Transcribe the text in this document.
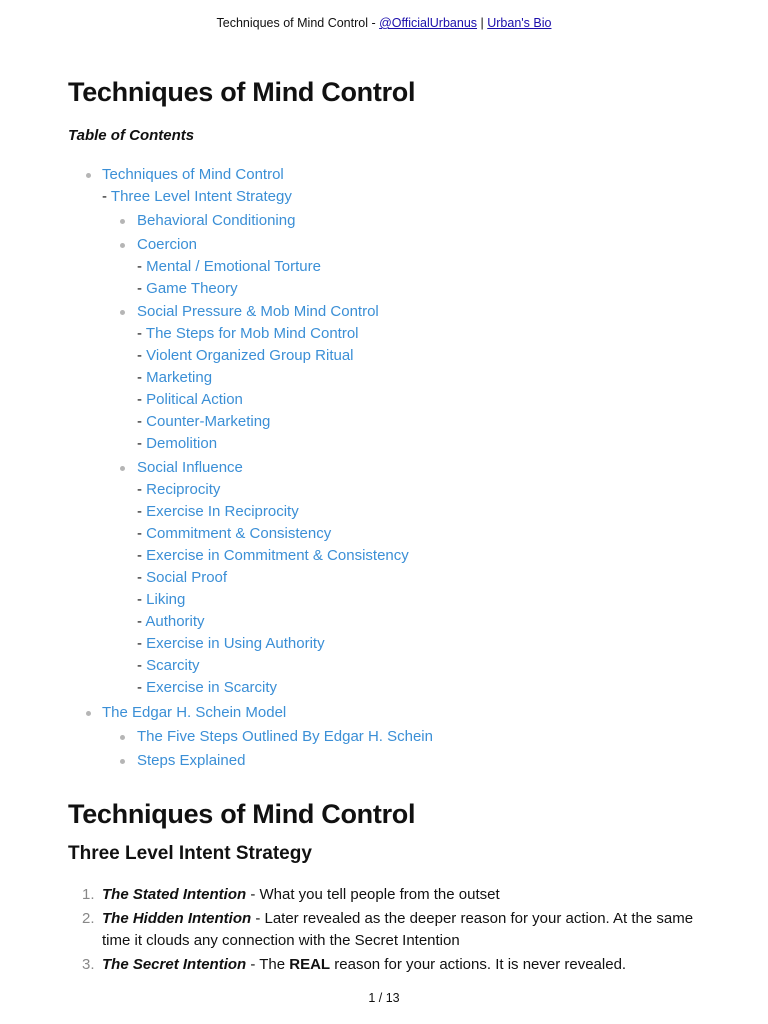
Techniques of Mind Control - @OfficialUrbanus | Urban's Bio
Techniques of Mind Control
Table of Contents
Techniques of Mind Control
- Three Level Intent Strategy
Behavioral Conditioning
Coercion
- Mental / Emotional Torture
- Game Theory
Social Pressure & Mob Mind Control
- The Steps for Mob Mind Control
- Violent Organized Group Ritual
- Marketing
- Political Action
- Counter-Marketing
- Demolition
Social Influence
- Reciprocity
- Exercise In Reciprocity
- Commitment & Consistency
- Exercise in Commitment & Consistency
- Social Proof
- Liking
- Authority
- Exercise in Using Authority
- Scarcity
- Exercise in Scarcity
The Edgar H. Schein Model
The Five Steps Outlined By Edgar H. Schein
Steps Explained
Techniques of Mind Control
Three Level Intent Strategy
1. The Stated Intention - What you tell people from the outset
2. The Hidden Intention - Later revealed as the deeper reason for your action. At the same time it clouds any connection with the Secret Intention
3. The Secret Intention - The REAL reason for your actions. It is never revealed.
1 / 13
